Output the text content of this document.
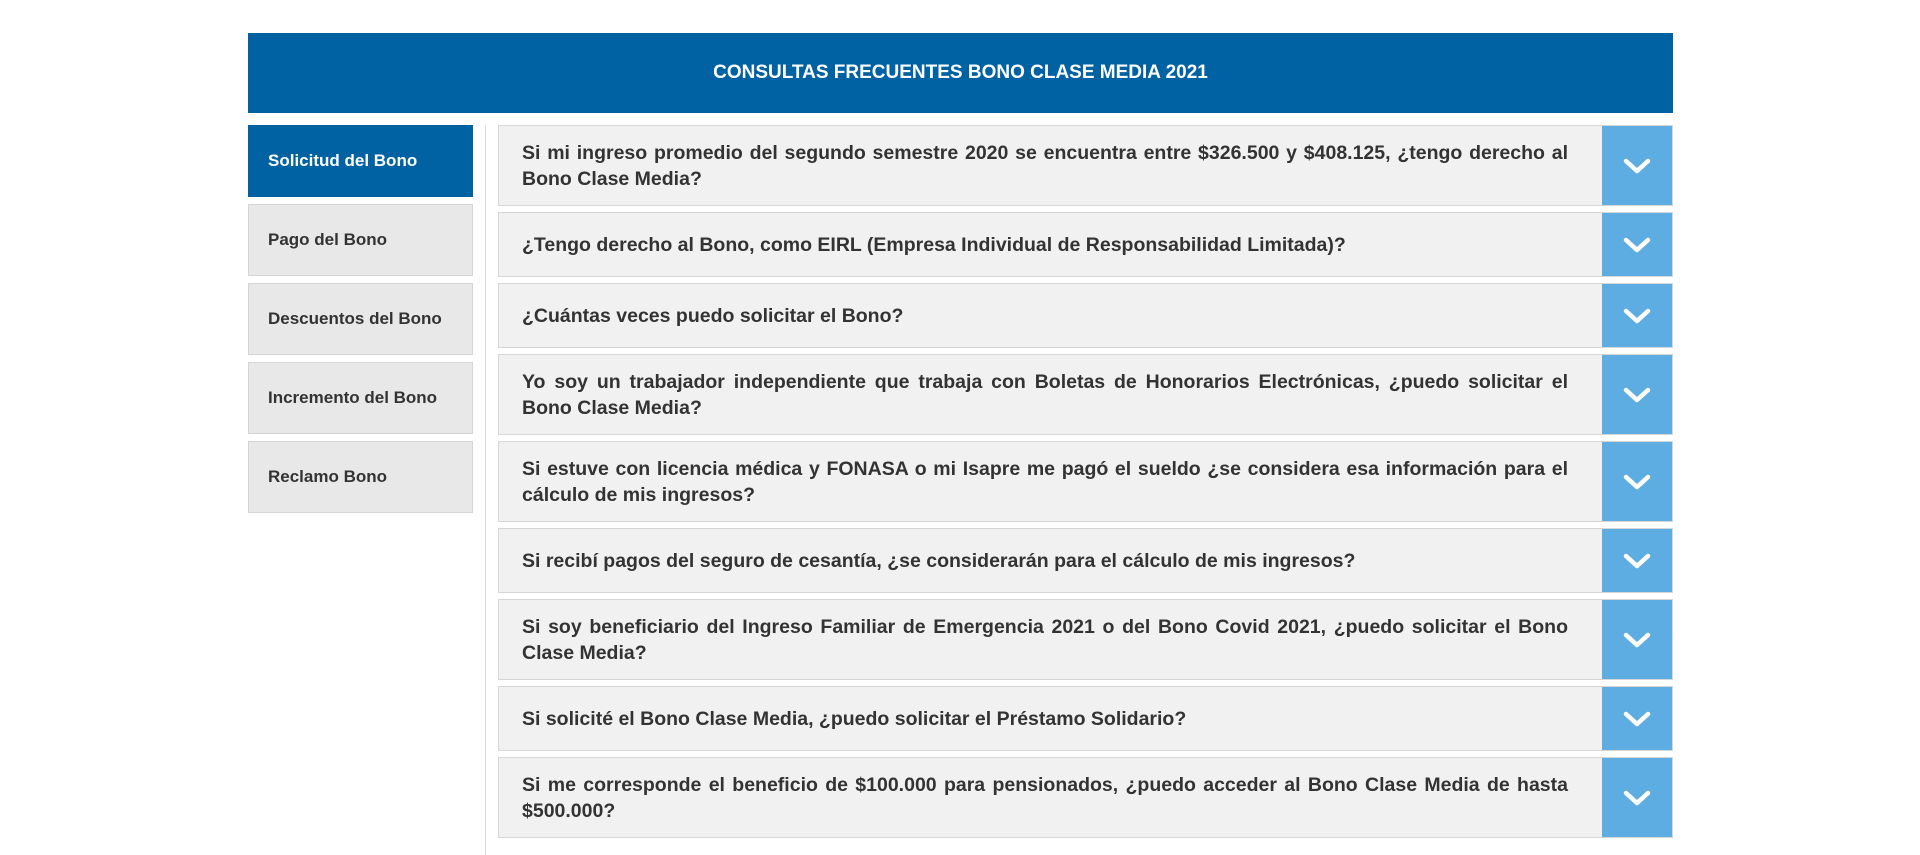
CONSULTAS FRECUENTES BONO CLASE MEDIA 2021
Solicitud del Bono
Pago del Bono
Descuentos del Bono
Incremento del Bono
Reclamo Bono
Si mi ingreso promedio del segundo semestre 2020 se encuentra entre $326.500 y $408.125, ¿tengo derecho al Bono Clase Media?
¿Tengo derecho al Bono, como EIRL (Empresa Individual de Responsabilidad Limitada)?
¿Cuántas veces puedo solicitar el Bono?
Yo soy un trabajador independiente que trabaja con Boletas de Honorarios Electrónicas, ¿puedo solicitar el Bono Clase Media?
Si estuve con licencia médica y FONASA o mi Isapre me pagó el sueldo ¿se considera esa información para el cálculo de mis ingresos?
Si recibí pagos del seguro de cesantía, ¿se considerarán para el cálculo de mis ingresos?
Si soy beneficiario del Ingreso Familiar de Emergencia 2021 o del Bono Covid 2021, ¿puedo solicitar el Bono Clase Media?
Si solicité el Bono Clase Media, ¿puedo solicitar el Préstamo Solidario?
Si me corresponde el beneficio de $100.000 para pensionados, ¿puedo acceder al Bono Clase Media de hasta $500.000?
